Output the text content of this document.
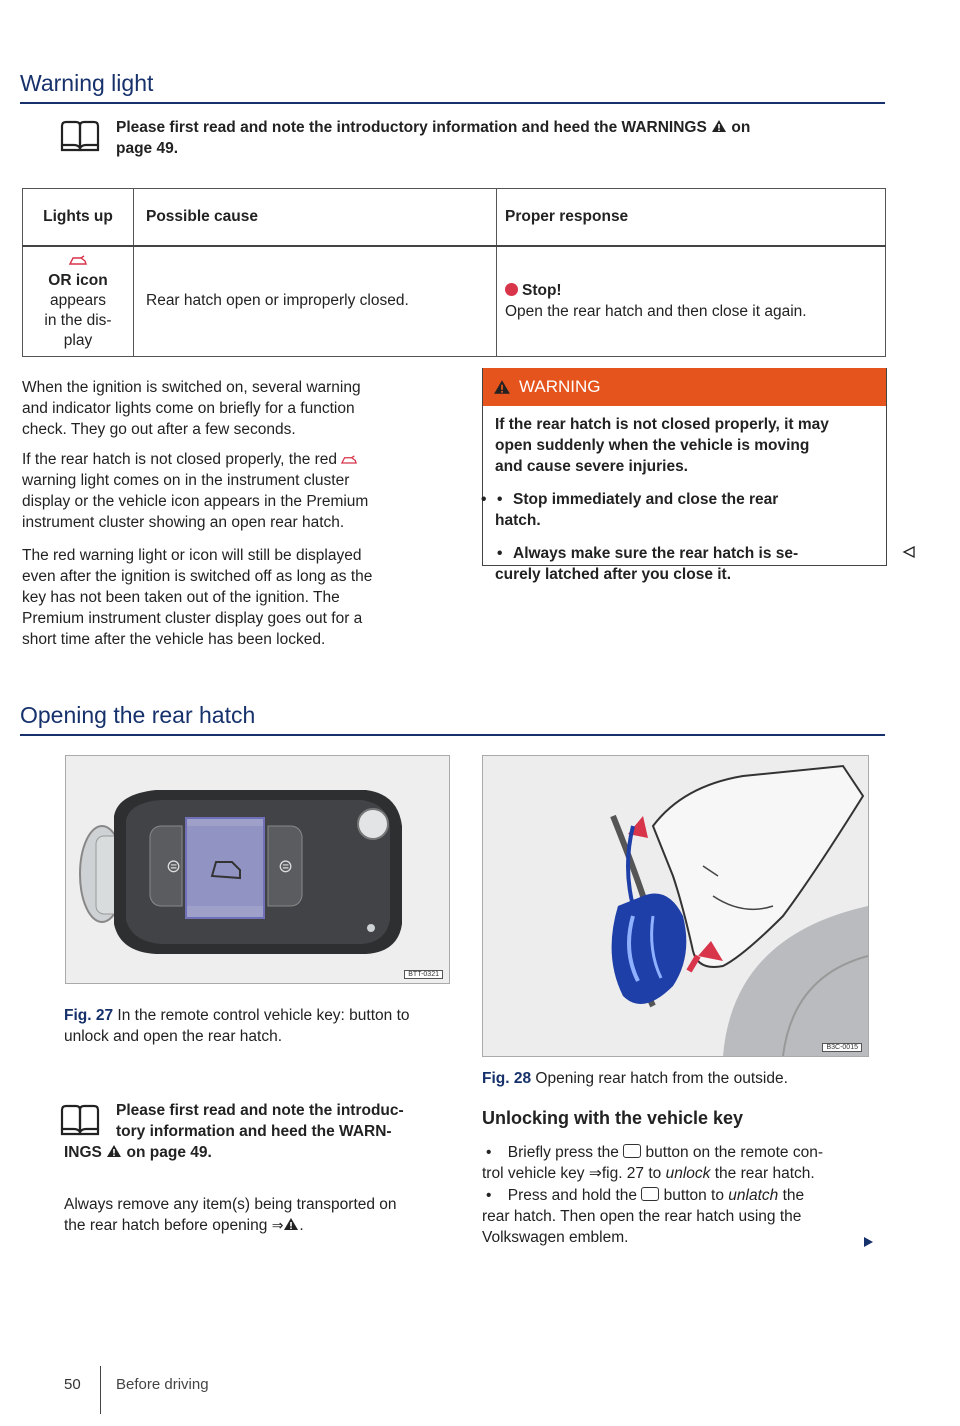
Warning light
Please first read and note the introductory information and heed the WARNINGS on
page 49.
Lights up	Possible cause	Proper response

OR icon
appears
in the dis-
play	Rear hatch open or improperly closed.	Stop!
Open the rear hatch and then close it again.
When the ignition is switched on, several warning
and indicator lights come on briefly for a function
check. They go out after a few seconds.
If the rear hatch is not closed properly, the red
warning light comes on in the instrument cluster
display or the vehicle icon appears in the Premium
instrument cluster showing an open rear hatch.
The red warning light or icon will still be displayed
even after the ignition is switched off as long as the
key has not been taken out of the ignition. The
Premium instrument cluster display goes out for a
short time after the vehicle has been locked.
WARNING
If the rear hatch is not closed properly, it may
open suddenly when the vehicle is moving
and cause severe injuries.
• • Stop immediately and close the rear
hatch.
• Always make sure the rear hatch is se-
curely latched after you close it.
Opening the rear hatch
⊜	⊜
BTT-0321
Fig. 27 In the remote control vehicle key: button to
unlock and open the rear hatch.
Please first read and note the introduc-
tory information and heed the WARN-
INGS on page 49.
Always remove any item(s) being transported on
the rear hatch before opening ⇒ .
B3C-0015
Fig. 28 Opening rear hatch from the outside.
Unlocking with the vehicle key
• Briefly press the button on the remote con-
trol vehicle key ⇒fig. 27 to unlock the rear hatch.
• Press and hold the button to unlatch the
rear hatch. Then open the rear hatch using the
Volkswagen emblem.
50 Before driving
